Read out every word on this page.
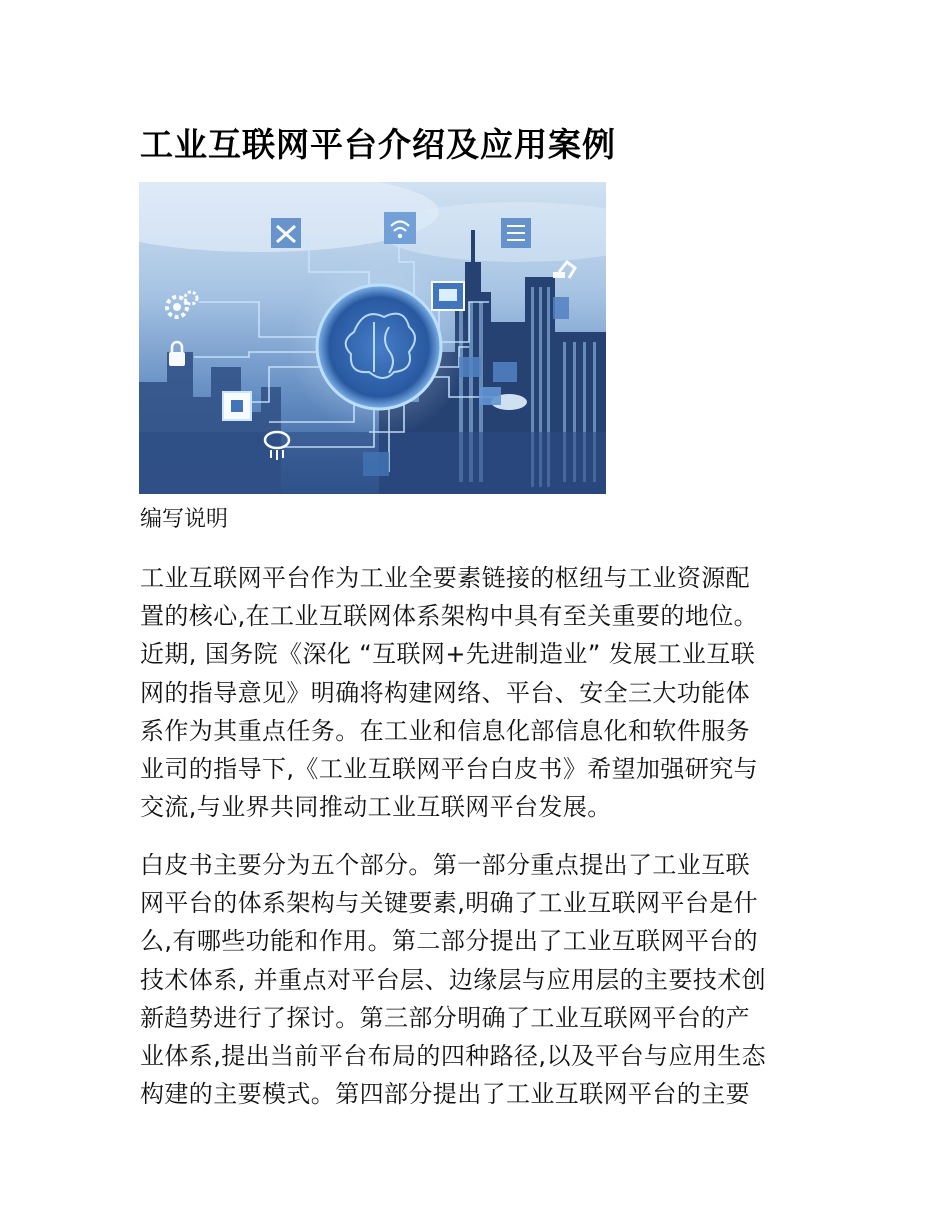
工业互联网平台介绍及应用案例
编写说明

工业互联网平台作为工业全要素链接的枢纽与工业资源配
置的核心,在工业互联网体系架构中具有至关重要的地位。
近期, 国务院《深化 “互联网+先进制造业” 发展工业互联
网的指导意见》明确将构建网络、平台、安全三大功能体
系作为其重点任务。在工业和信息化部信息化和软件服务
业司的指导下,《工业互联网平台白皮书》希望加强研究与
交流,与业界共同推动工业互联网平台发展。

白皮书主要分为五个部分。第一部分重点提出了工业互联
网平台的体系架构与关键要素,明确了工业互联网平台是什
么,有哪些功能和作用。第二部分提出了工业互联网平台的
技术体系, 并重点对平台层、边缘层与应用层的主要技术创
新趋势进行了探讨。第三部分明确了工业互联网平台的产
业体系,提出当前平台布局的四种路径,以及平台与应用生态
构建的主要模式。第四部分提出了工业互联网平台的主要
